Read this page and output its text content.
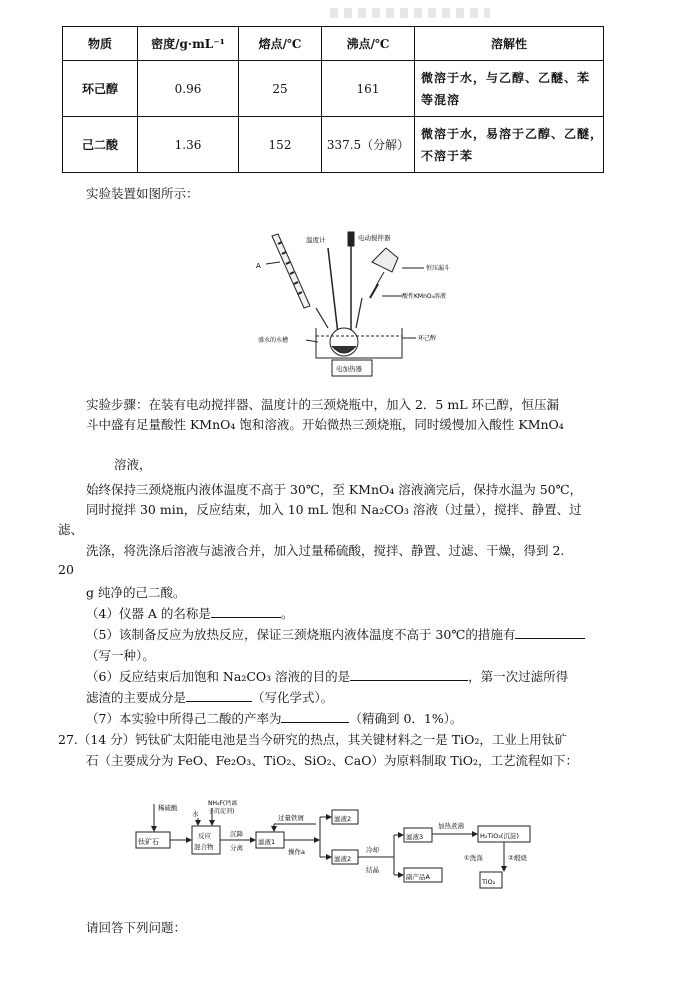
物质	密度/g·mL⁻¹	熔点/℃	沸点/℃	溶解性
环己醇	0.96	25	161	微溶于水，与乙醇、乙醚、苯
等混溶

己二酸	1.36	152	337.5（分解）	微溶于水，易溶于乙醇、乙醚，
不溶于苯
实验装置如图所示：
A
温度计	电动搅拌器
恒压漏斗
酸性KMnO₄溶液
盛水的水槽	环己醇
电加热器
实验步骤：在装有电动搅拌器、温度计的三颈烧瓶中，加入 2．5 mL 环己醇，恒压漏
斗中盛有足量酸性 KMnO₄ 饱和溶液。开始微热三颈烧瓶，同时缓慢加入酸性 KMnO₄
溶液，
始终保持三颈烧瓶内液体温度不高于 30℃，至 KMnO₄ 溶液滴完后，保持水温为 50℃，
同时搅拌 30 min，反应结束，加入 10 mL 饱和 Na₂CO₃ 溶液（过量），搅拌、静置、过
滤、
洗涤，将洗涤后溶液与滤液合并，加入过量稀硫酸，搅拌、静置、过滤、干燥，得到 2.
20
g 纯净的己二酸。
（4）仪器 A 的名称是	。
（5）该制备反应为放热反应，保证三颈烧瓶内液体温度不高于 30℃的措施有
（写一种）。
（6）反应结束后加饱和 Na₂CO₃ 溶液的目的是	，第一次过滤所得
滤渣的主要成分是	（写化学式）。
（7）本实验中所得己二酸的产率为	（精确到 0．1%）。
27.（14 分）钙钛矿太阳能电池是当今研究的热点，其关键材料之一是 TiO₂，工业上用钛矿
石（主要成分为 FeO、Fe₂O₃、TiO₂、SiO₂、CaO）为原料制取 TiO₂，工艺流程如下：
钛矿石
稀硫酸
水
NH₄F(钙离
子沉淀剂)
反应
混合物
沉降
分离
滤液1
过量铁屑
操作a
滤液2
滤液2
冷却
结晶
滤液3
副产品A
加热煮沸
H₂TiO₃(沉淀)
①洗涤	②煅烧
TiO₂
请回答下列问题：
